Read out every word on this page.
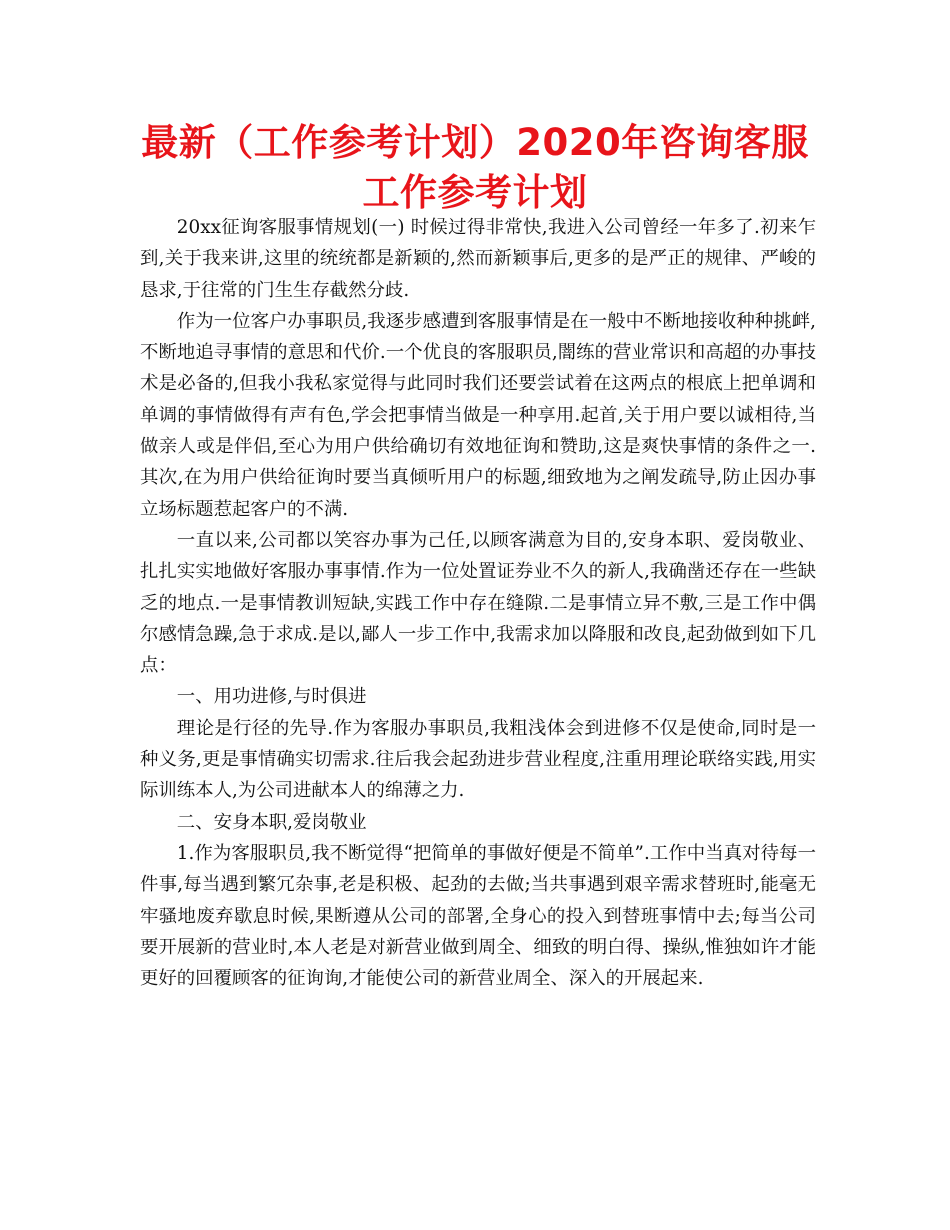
最新（工作参考计划）2020年咨询客服工作参考计划

20xx征询客服事情规划(一) 时候过得非常快,我进入公司曾经一年多了.初来乍到,关于我来讲,这里的统统都是新颖的,然而新颖事后,更多的是严正的规律、严峻的恳求,于往常的门生生存截然分歧.

作为一位客户办事职员,我逐步感遭到客服事情是在一般中不断地接收种种挑衅,不断地追寻事情的意思和代价.一个优良的客服职员,闇练的营业常识和高超的办事技术是必备的,但我小我私家觉得与此同时我们还要尝试着在这两点的根底上把单调和单调的事情做得有声有色,学会把事情当做是一种享用.起首,关于用户要以诚相待,当做亲人或是伴侣,至心为用户供给确切有效地征询和赞助,这是爽快事情的条件之一.其次,在为用户供给征询时要当真倾听用户的标题,细致地为之阐发疏导,防止因办事立场标题惹起客户的不满.

一直以来,公司都以笑容办事为己任,以顾客满意为目的,安身本职、爱岗敬业、扎扎实实地做好客服办事事情.作为一位处置证券业不久的新人,我确凿还存在一些缺乏的地点.一是事情教训短缺,实践工作中存在缝隙.二是事情立异不敷,三是工作中偶尔感情急躁,急于求成.是以,鄙人一步工作中,我需求加以降服和改良,起劲做到如下几点：

一、用功进修,与时俱进

理论是行径的先导.作为客服办事职员,我粗浅体会到进修不仅是使命,同时是一种义务,更是事情确实切需求.往后我会起劲进步营业程度,注重用理论联络实践,用实际训练本人,为公司进献本人的绵薄之力.

二、安身本职,爱岗敬业

1.作为客服职员,我不断觉得“把简单的事做好便是不简单”.工作中当真对待每一件事,每当遇到繁冗杂事,老是积极、起劲的去做;当共事遇到艰辛需求替班时,能毫无牢骚地废弃歇息时候,果断遵从公司的部署,全身心的投入到替班事情中去;每当公司要开展新的营业时,本人老是对新营业做到周全、细致的明白得、操纵,惟独如许才能更好的回覆顾客的征询询,才能使公司的新营业周全、深入的开展起来.
